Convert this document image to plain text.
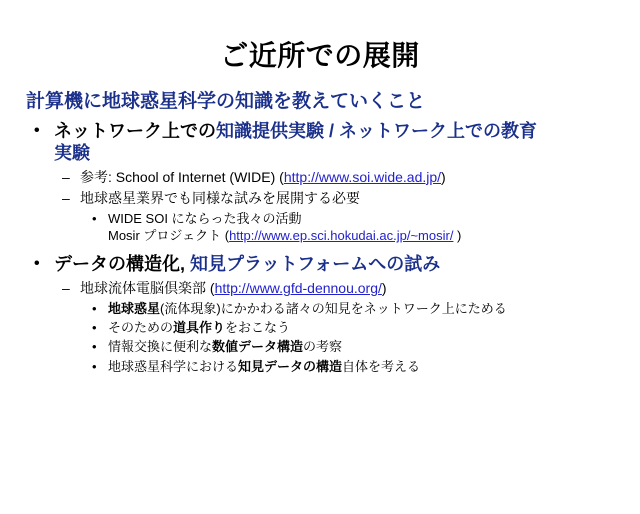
ご近所での展開
計算機に地球惑星科学の知識を教えていくこと
• ネットワーク上での知識提供実験 / ネットワーク上での教育
実験
– 参考: School of Internet (WIDE) (http://www.soi.wide.ad.jp/)
– 地球惑星業界でも同様な試みを展開する必要
• WIDE SOI にならった我々の活動
Mosir プロジェクト (http://www.ep.sci.hokudai.ac.jp/~mosir/ )
• データの構造化, 知見プラットフォームへの試み
– 地球流体電脳倶楽部 (http://www.gfd-dennou.org/)
• 地球惑星(流体現象)にかかわる諸々の知見をネットワーク上にためる
• そのための道具作りをおこなう
• 情報交換に便利な数値データ構造の考察
• 地球惑星科学における知見データの構造自体を考える
